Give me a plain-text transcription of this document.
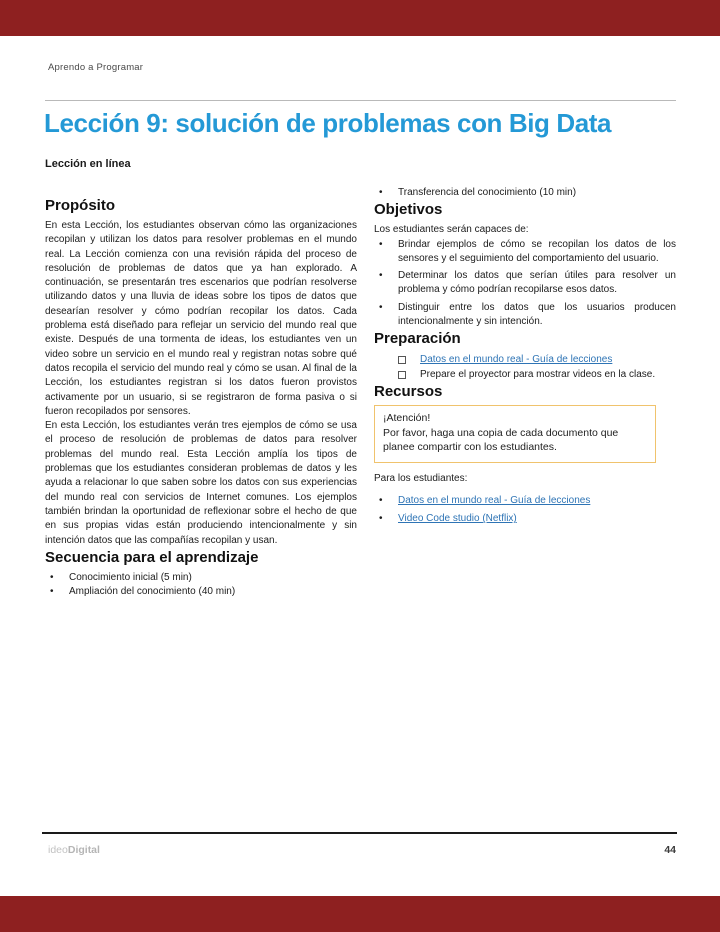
Aprendo a Programar
Lección 9: solución de problemas con Big Data
Lección en línea
Propósito

En esta Lección, los estudiantes observan cómo las organizaciones recopilan y utilizan los datos para resolver problemas en el mundo real. La Lección comienza con una revisión rápida del proceso de resolución de problemas de datos que ya han explorado. A continuación, se presentarán tres escenarios que podrían resolverse utilizando datos y una lluvia de ideas sobre los tipos de datos que desearían resolver y cómo podrían recopilar los datos. Cada problema está diseñado para reflejar un servicio del mundo real que existe. Después de una tormenta de ideas, los estudiantes ven un video sobre un servicio en el mundo real y registran notas sobre qué datos recopila el servicio del mundo real y cómo se usan. Al final de la Lección, los estudiantes registran si los datos fueron provistos activamente por un usuario, si se registraron de forma pasiva o si fueron recopilados por sensores.

En esta Lección, los estudiantes verán tres ejemplos de cómo se usa el proceso de resolución de problemas de datos para resolver problemas del mundo real. Esta Lección amplía los tipos de problemas que los estudiantes consideran problemas de datos y les ayuda a relacionar lo que saben sobre los datos con sus experiencias del mundo real con servicios de Internet comunes. Los ejemplos también brindan la oportunidad de reflexionar sobre el hecho de que en sus propias vidas están produciendo intencionalmente y sin intención datos que las compañías recopilan y usan.

Secuencia para el aprendizaje
•	Conocimiento inicial (5 min)
•	Ampliación del conocimiento (40 min)
•	Transferencia del conocimiento (10 min)
Objetivos

Los estudiantes serán capaces de:

•	Brindar ejemplos de cómo se recopilan los datos de los sensores y el seguimiento del comportamiento del usuario.
•	Determinar los datos que serían útiles para resolver un problema y cómo podrían recopilarse esos datos.
•	Distinguir entre los datos que los usuarios producen intencionalmente y sin intención.
Preparación
Datos en el mundo real - Guía de lecciones
Prepare el proyector para mostrar videos en la clase.
Recursos
¡Atención!
Por favor, haga una copia de cada documento que planee compartir con los estudiantes.

Para los estudiantes:

•	Datos en el mundo real - Guía de lecciones
•	Video Code studio (Netflix)
ideoDigital	44
